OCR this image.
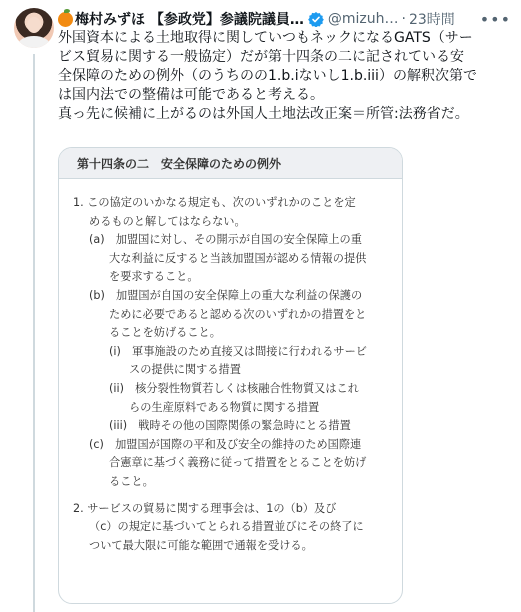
梅村みずほ 【参政党】参議院議員… @mizuh… · 23時間 •••

外国資本による土地取得に関していつもネックになるGATS（サー

ビス貿易に関する一般協定）だが第十四条の二に記されている安

全保障のための例外（のうちのの1.b.iないし1.b.iii）の解釈次第で

は国内法での整備は可能であると考える。

真っ先に候補に上がるのは外国人土地法改正案＝所管:法務省だ。

第十四条の二　安全保障のための例外

1. この協定のいかなる規定も、次のいずれかのことを定

めるものと解してはならない。

(a)　加盟国に対し、その開示が自国の安全保障上の重

大な利益に反すると当該加盟国が認める情報の提供

を要求すること。

(b)　加盟国が自国の安全保障上の重大な利益の保護の

ために必要であると認める次のいずれかの措置をと

ることを妨げること。

(i)　軍事施設のため直接又は間接に行われるサービ

スの提供に関する措置

(ii)　核分裂性物質若しくは核融合性物質又はこれ

らの生産原料である物質に関する措置

(iii)　戦時その他の国際関係の緊急時にとる措置

(c)　加盟国が国際の平和及び安全の維持のため国際連

合憲章に基づく義務に従って措置をとることを妨げ

ること。

2. サービスの貿易に関する理事会は、1の（b）及び

（c）の規定に基づいてとられる措置並びにその終了に

ついて最大限に可能な範囲で通報を受ける。
